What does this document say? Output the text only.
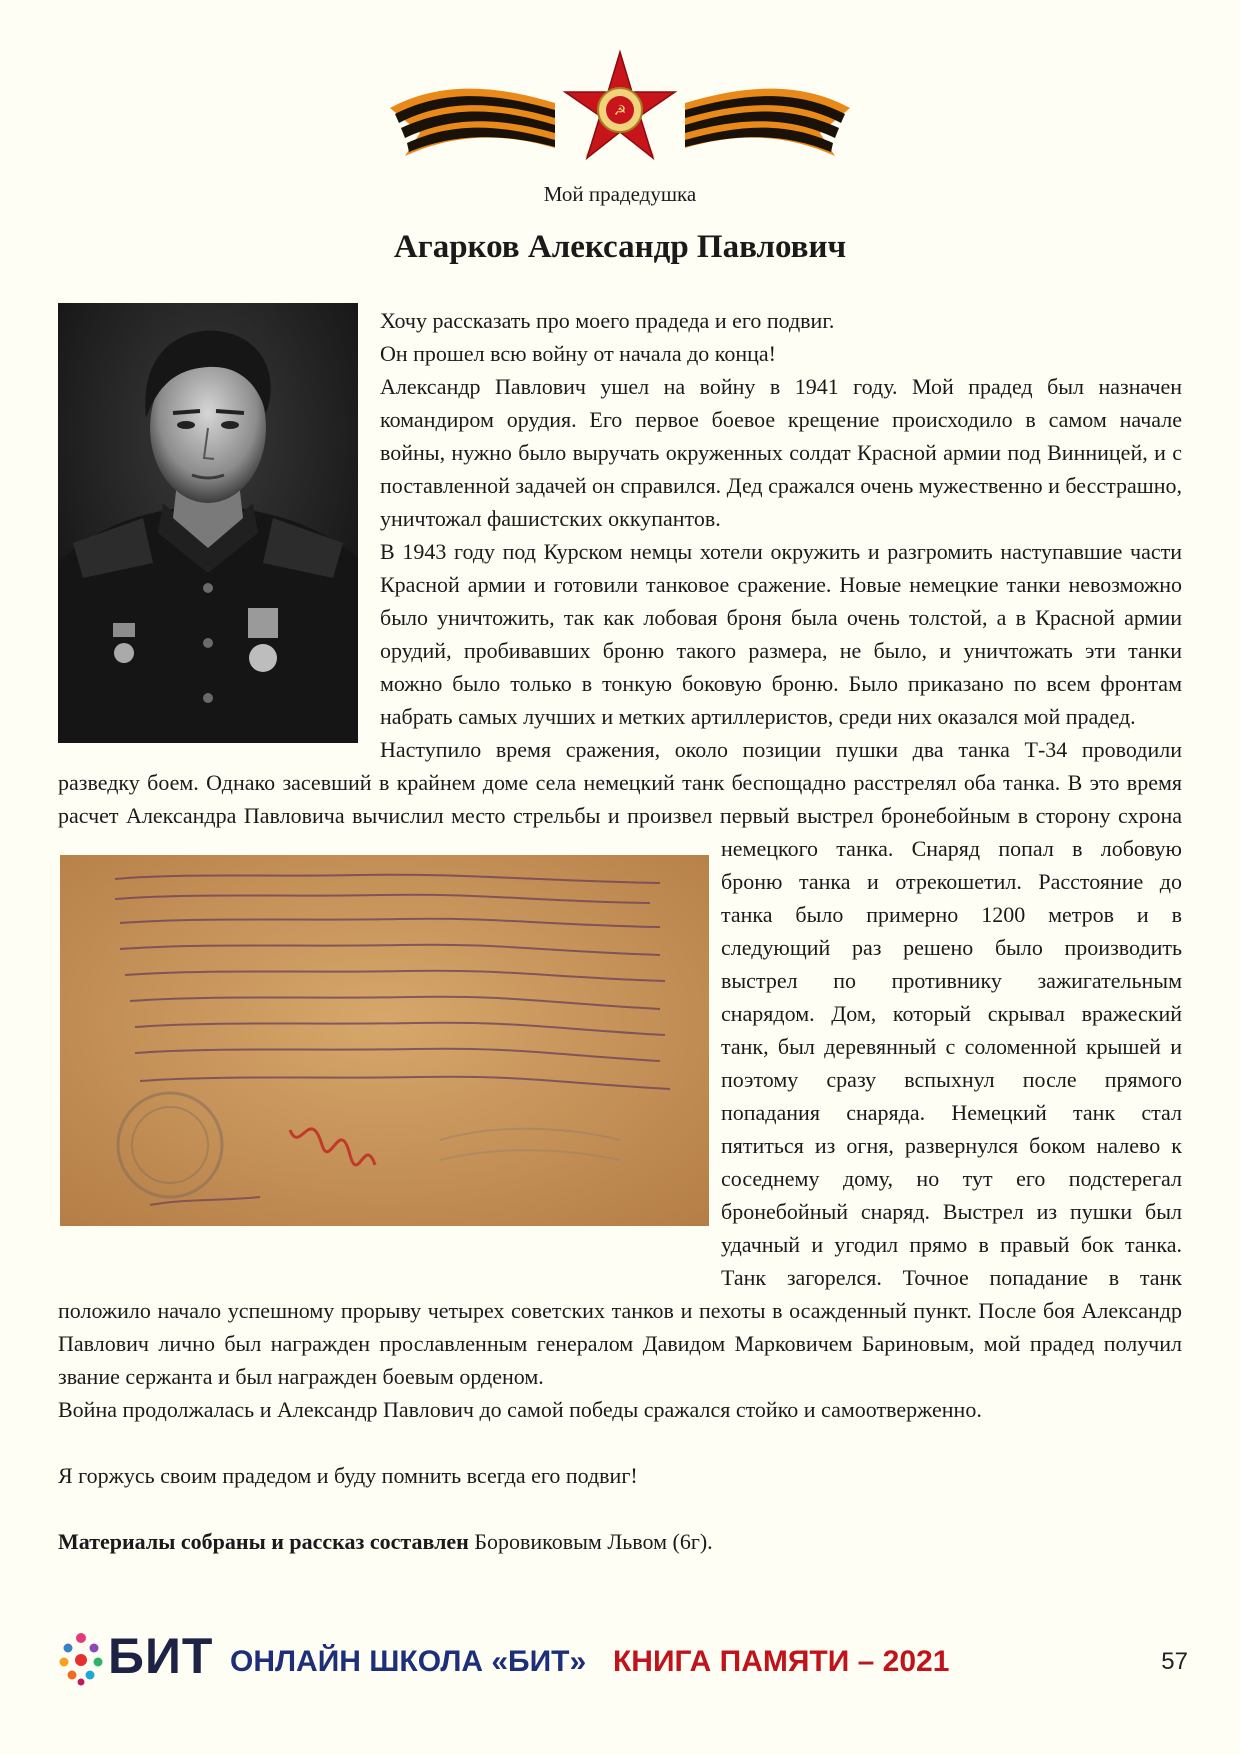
☭
Мой прадедушка
Агарков Александр Павлович

Хочу рассказать про моего прадеда и его подвиг.

Он прошел всю войну от начала до конца!

Александр Павлович ушел на войну в 1941 году. Мой прадед был назначен командиром орудия. Его первое боевое крещение происходило в самом начале войны, нужно было выручать окруженных солдат Красной армии под Винницей, и с поставленной задачей он справился. Дед сражался очень мужественно и бесстрашно, уничтожал фашистских оккупантов.

В 1943 году под Курском немцы хотели окружить и разгромить наступавшие части Красной армии и готовили танковое сражение. Новые немецкие танки невозможно было уничтожить, так как лобовая броня была очень толстой, а в Красной армии орудий, пробивавших броню такого размера, не было, и уничтожать эти танки можно было только в тонкую боковую броню. Было приказано по всем фронтам набрать самых лучших и метких артиллеристов, среди них оказался мой прадед.

Наступило время сражения, около позиции пушки два танка Т-34 проводили разведку боем. Однако засевший в крайнем доме села немецкий танк беспощадно расстрелял оба танка. В это время расчет Александра Павловича вычислил место стрельбы и произвел первый выстрел бронебойным в сторону схрона немецкого танка. Снаряд попал в лобовую броню танка и отрекошетил. Расстояние до танка было примерно 1200 метров и в следующий раз решено было производить выстрел по противнику зажигательным снарядом. Дом, который скрывал вражеский танк, был деревянный с соломенной крышей и поэтому сразу вспыхнул после прямого попадания снаряда. Немецкий танк стал пятиться из огня, развернулся боком налево к соседнему дому, но тут его подстерегал бронебойный снаряд. Выстрел из пушки был удачный и угодил прямо в правый бок танка. Танк загорелся. Точное попадание в танк положило начало успешному прорыву четырех советских танков и пехоты в осажденный пункт. После боя Александр Павлович лично был награжден прославленным генералом Давидом Марковичем Бариновым, мой прадед получил звание сержанта и был награжден боевым орденом.

Война продолжалась и Александр Павлович до самой победы сражался стойко и самоотверженно.

Я горжусь своим прадедом и буду помнить всегда его подвиг!

Материалы собраны и рассказ составлен Боровиковым Львом (6г).

БИТ ОНЛАЙН ШКОЛА «БИТ» КНИГА ПАМЯТИ – 2021	57
